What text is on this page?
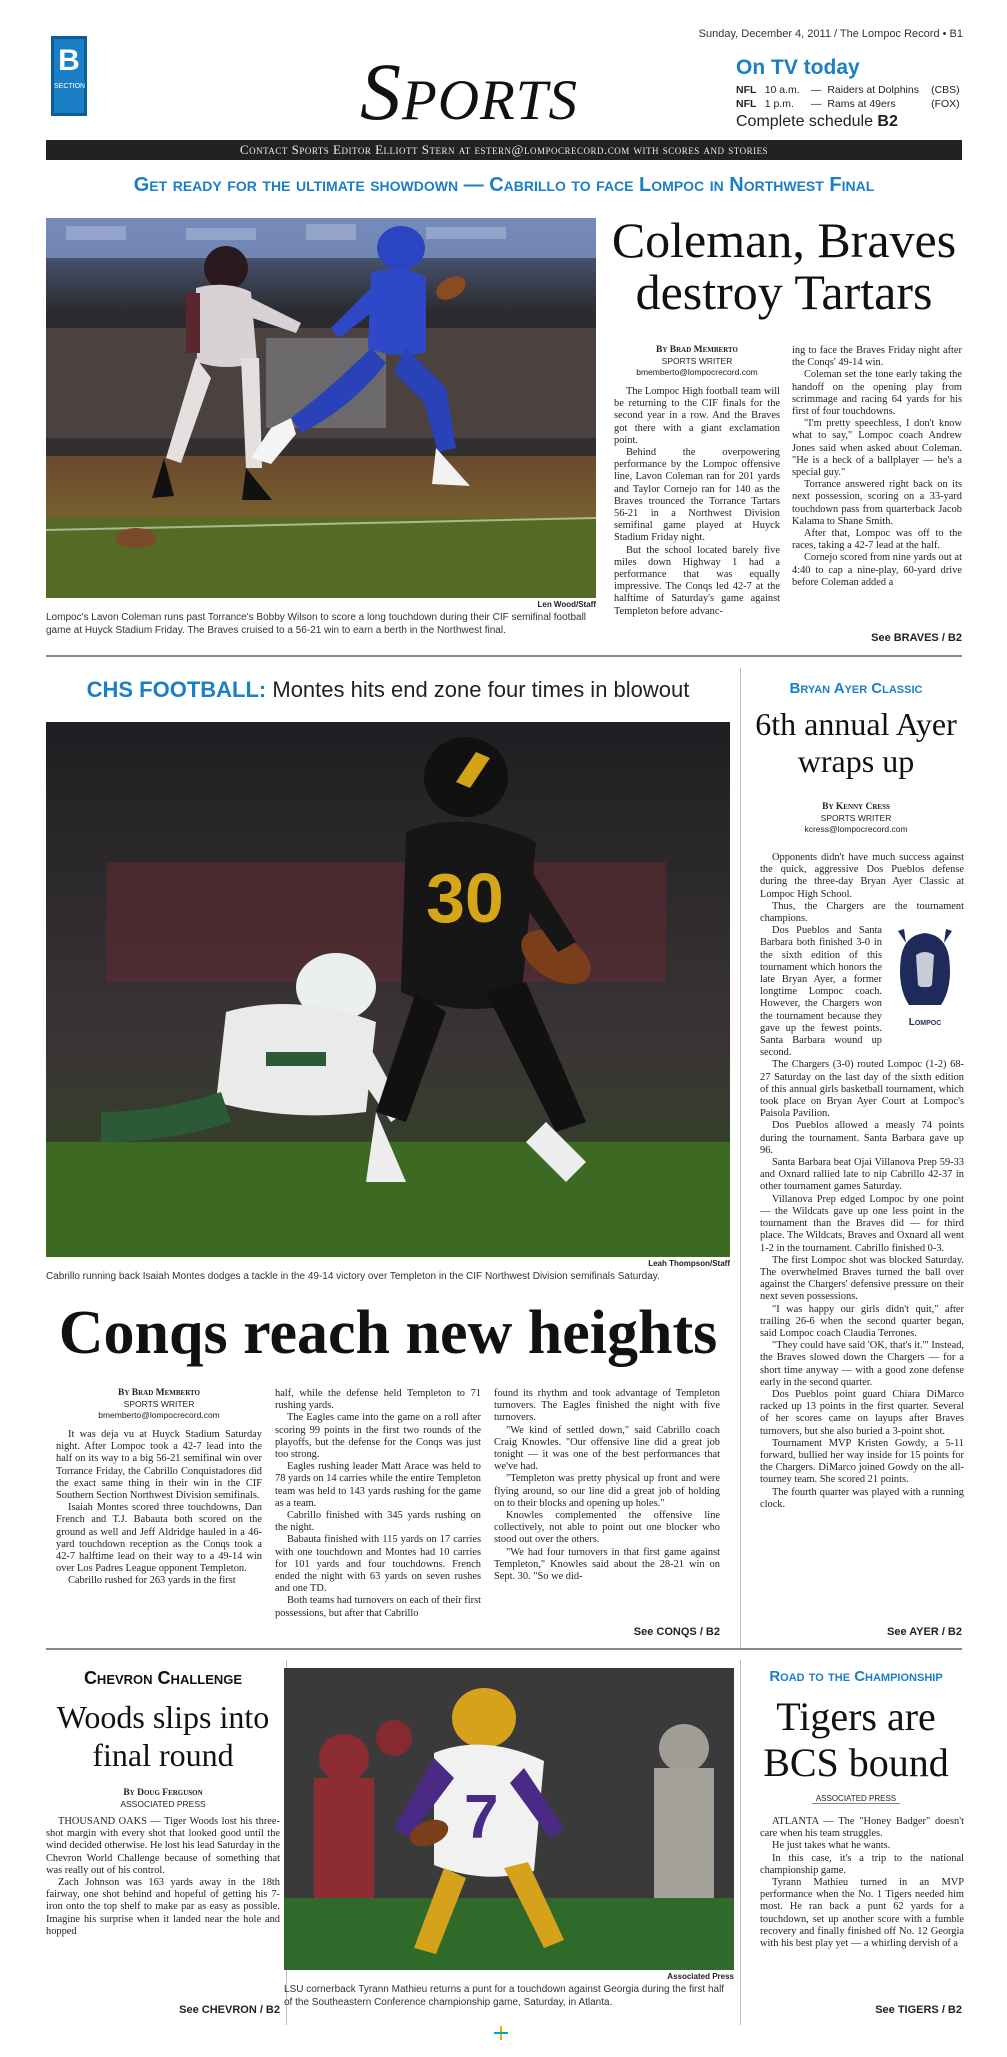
Sunday, December 4, 2011 / The Lompoc Record • B1
B
SECTION	Sports	On TV today
NFL 10 a.m.	— Raiders at Dolphins	(CBS)
NFL 1 p.m.	— Rams at 49ers	(FOX)
Complete schedule B2
Contact Sports Editor Elliott Stern at estern@lompocrecord.com with scores and stories
Get ready for the ultimate showdown — Cabrillo to face Lompoc in Northwest Final
Len Wood/Staff
Lompoc's Lavon Coleman runs past Torrance's Bobby Wilson to score a long touchdown during their CIF semifinal football game at Huyck Stadium Friday. The Braves cruised to a 56-21 win to earn a berth in the Northwest final.
Coleman, Braves destroy Tartars
By Brad Memberto
SPORTS WRITER
bmemberto@lompocrecord.com

The Lompoc High football team will be returning to the CIF finals for the second year in a row. And the Braves got there with a giant exclamation point.

Behind the overpowering performance by the Lompoc offensive line, Lavon Coleman ran for 201 yards and Taylor Cornejo ran for 140 as the Braves trounced the Torrance Tartars 56-21 in a Northwest Division semifinal game played at Huyck Stadium Friday night.

But the school located barely five miles down Highway 1 had a performance that was equally impressive. The Conqs led 42-7 at the halftime of Saturday's game against Templeton before advanc-

ing to face the Braves Friday night after the Conqs' 49-14 win.

Coleman set the tone early taking the handoff on the opening play from scrimmage and racing 64 yards for his first of four touchdowns.

"I'm pretty speechless, I don't know what to say," Lompoc coach Andrew Jones said when asked about Coleman. "He is a heck of a ballplayer — he's a special guy."

Torrance answered right back on its next possession, scoring on a 33-yard touchdown pass from quarterback Jacob Kalama to Shane Smith.

After that, Lompoc was off to the races, taking a 42-7 lead at the half.

Cornejo scored from nine yards out at 4:40 to cap a nine-play, 60-yard drive before Coleman added a

See BRAVES / B2
CHS FOOTBALL: Montes hits end zone four times in blowout
30
Leah Thompson/Staff
Cabrillo running back Isaiah Montes dodges a tackle in the 49-14 victory over Templeton in the CIF Northwest Division semifinals Saturday.
Conqs reach new heights
By Brad Memberto
SPORTS WRITER
bmemberto@lompocrecord.com

It was deja vu at Huyck Stadium Saturday night. After Lompoc took a 42-7 lead into the half on its way to a big 56-21 semifinal win over Torrance Friday, the Cabrillo Conquistadores did the exact same thing in their win in the CIF Southern Section Northwest Division semifinals.

Isaiah Montes scored three touchdowns, Dan French and T.J. Babauta both scored on the ground as well and Jeff Aldridge hauled in a 46-yard touchdown reception as the Conqs took a 42-7 halftime lead on their way to a 49-14 win over Los Padres League opponent Templeton.

Cabrillo rushed for 263 yards in the first

half, while the defense held Templeton to 71 rushing yards.

The Eagles came into the game on a roll after scoring 99 points in the first two rounds of the playoffs, but the defense for the Conqs was just too strong.

Eagles rushing leader Matt Arace was held to 78 yards on 14 carries while the entire Templeton team was held to 143 yards rushing for the game as a team.

Cabrillo finished with 345 yards rushing on the night.

Babauta finished with 115 yards on 17 carries with one touchdown and Montes had 10 carries for 101 yards and four touchdowns. French ended the night with 63 yards on seven rushes and one TD.

Both teams had turnovers on each of their first possessions, but after that Cabrillo

found its rhythm and took advantage of Templeton turnovers. The Eagles finished the night with five turnovers.

"We kind of settled down," said Cabrillo coach Craig Knowles. "Our offensive line did a great job tonight — it was one of the best performances that we've had.

"Templeton was pretty physical up front and were flying around, so our line did a great job of holding on to their blocks and opening up holes."

Knowles complemented the offensive line collectively, not able to point out one blocker who stood out over the others.

"We had four turnovers in that first game against Templeton," Knowles said about the 28-21 win on Sept. 30. "So we did-

See CONQS / B2
Bryan Ayer Classic
6th annual Ayer wraps up
By Kenny Cress
SPORTS WRITER
kcress@lompocrecord.com

Opponents didn't have much success against the quick, aggressive Dos Pueblos defense during the three-day Bryan Ayer Classic at Lompoc High School.

Thus, the Chargers are the tournament champions.

Lompoc

Dos Pueblos and Santa Barbara both finished 3-0 in the sixth edition of this tournament which honors the late Bryan Ayer, a former longtime Lompoc coach. However, the Chargers won the tournament because they gave up the fewest points. Santa Barbara wound up second.

The Chargers (3-0) routed Lompoc (1-2) 68-27 Saturday on the last day of the sixth edition of this annual girls basketball tournament, which took place on Bryan Ayer Court at Lompoc's Paisola Pavilion.

Dos Pueblos allowed a measly 74 points during the tournament. Santa Barbara gave up 96.

Santa Barbara beat Ojai Villanova Prep 59-33 and Oxnard rallied late to nip Cabrillo 42-37 in other tournament games Saturday.

Villanova Prep edged Lompoc by one point — the Wildcats gave up one less point in the tournament than the Braves did — for third place. The Wildcats, Braves and Oxnard all went 1-2 in the tournament. Cabrillo finished 0-3.

The first Lompoc shot was blocked Saturday. The overwhelmed Braves turned the ball over against the Chargers' defensive pressure on their next seven possessions.

"I was happy our girls didn't quit," after trailing 26-6 when the second quarter began, said Lompoc coach Claudia Terrones.

"They could have said 'OK, that's it.'" Instead, the Braves slowed down the Chargers — for a short time anyway — with a good zone defense early in the second quarter.

Dos Pueblos point guard Chiara DiMarco racked up 13 points in the first quarter. Several of her scores came on layups after Braves turnovers, but she also buried a 3-point shot.

Tournament MVP Kristen Gowdy, a 5-11 forward, bullied her way inside for 15 points for the Chargers. DiMarco joined Gowdy on the all-tourney team. She scored 21 points.

The fourth quarter was played with a running clock.

See AYER / B2
Chevron Challenge
Woods slips into final round
By Doug Ferguson
ASSOCIATED PRESS

THOUSAND OAKS — Tiger Woods lost his three-shot margin with every shot that looked good until the wind decided otherwise. He lost his lead Saturday in the Chevron World Challenge because of something that was really out of his control.

Zach Johnson was 163 yards away in the 18th fairway, one shot behind and hopeful of getting his 7-iron onto the top shelf to make par as easy as possible. Imagine his surprise when it landed near the hole and hopped

See CHEVRON / B2
7
Associated Press
LSU cornerback Tyrann Mathieu returns a punt for a touchdown against Georgia during the first half of the Southeastern Conference championship game, Saturday, in Atlanta.
Road to the Championship
Tigers are BCS bound
ASSOCIATED PRESS

ATLANTA — The "Honey Badger" doesn't care when his team struggles.

He just takes what he wants.

In this case, it's a trip to the national championship game.

Tyrann Mathieu turned in an MVP performance when the No. 1 Tigers needed him most. He ran back a punt 62 yards for a touchdown, set up another score with a fumble recovery and finally finished off No. 12 Georgia with his best play yet — a whirling dervish of a

See TIGERS / B2
